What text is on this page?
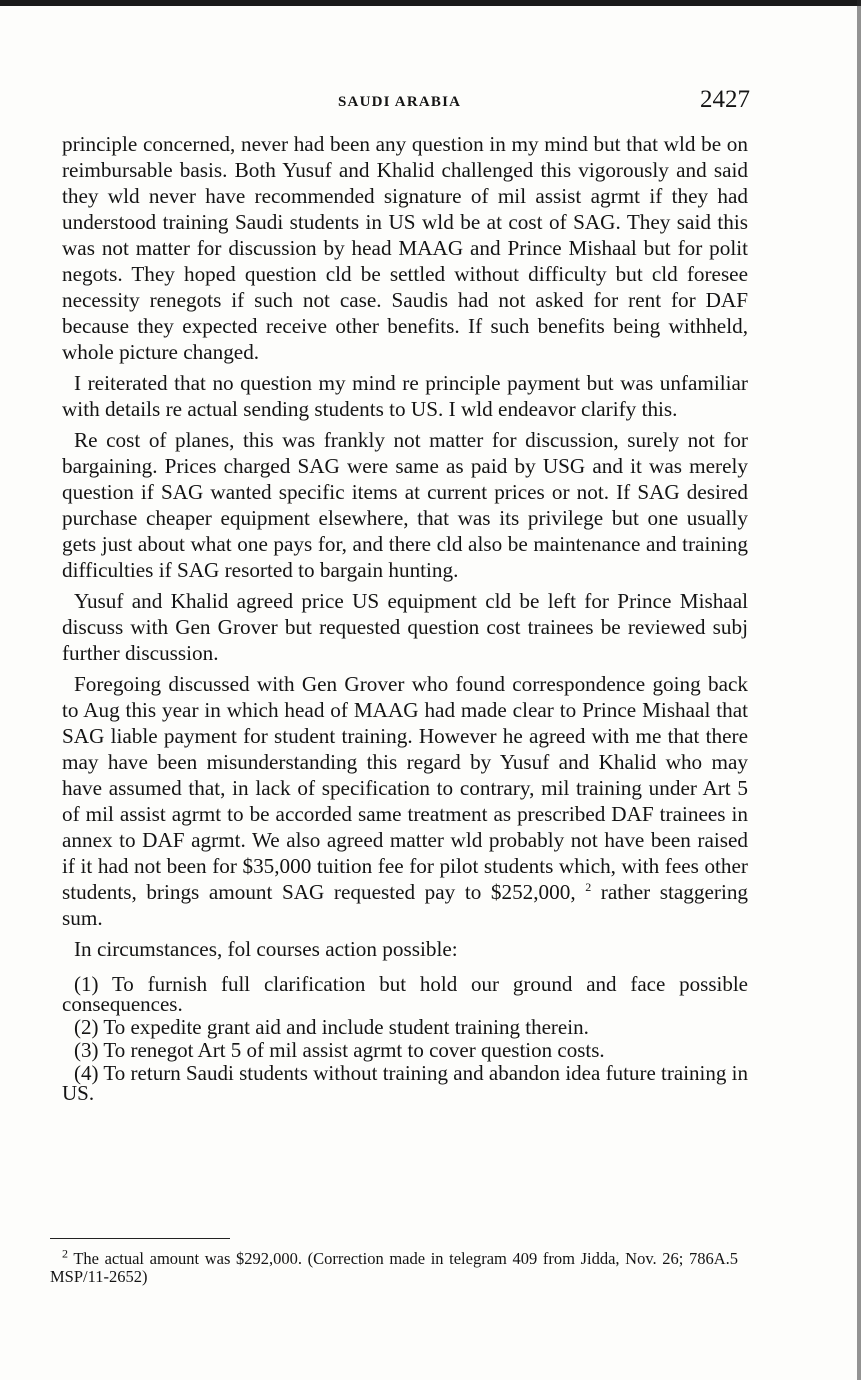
SAUDI ARABIA	2427

principle concerned, never had been any question in my mind but that wld be on reimbursable basis. Both Yusuf and Khalid challenged this vigorously and said they wld never have recommended signature of mil assist agrmt if they had understood training Saudi students in US wld be at cost of SAG. They said this was not matter for discussion by head MAAG and Prince Mishaal but for polit negots. They hoped question cld be settled without difficulty but cld foresee necessity renegots if such not case. Saudis had not asked for rent for DAF because they expected receive other benefits. If such benefits being withheld, whole picture changed.

I reiterated that no question my mind re principle payment but was unfamiliar with details re actual sending students to US. I wld endeavor clarify this.

Re cost of planes, this was frankly not matter for discussion, surely not for bargaining. Prices charged SAG were same as paid by USG and it was merely question if SAG wanted specific items at current prices or not. If SAG desired purchase cheaper equipment elsewhere, that was its privilege but one usually gets just about what one pays for, and there cld also be maintenance and training difficulties if SAG resorted to bargain hunting.

Yusuf and Khalid agreed price US equipment cld be left for Prince Mishaal discuss with Gen Grover but requested question cost trainees be reviewed subj further discussion.

Foregoing discussed with Gen Grover who found correspondence going back to Aug this year in which head of MAAG had made clear to Prince Mishaal that SAG liable payment for student training. However he agreed with me that there may have been misunderstanding this regard by Yusuf and Khalid who may have assumed that, in lack of specification to contrary, mil training under Art 5 of mil assist agrmt to be accorded same treatment as prescribed DAF trainees in annex to DAF agrmt. We also agreed matter wld probably not have been raised if it had not been for $35,000 tuition fee for pilot students which, with fees other students, brings amount SAG requested pay to $252,000, $^2$ rather staggering sum.

In circumstances, fol courses action possible:

(1) To furnish full clarification but hold our ground and face possible consequences.

(2) To expedite grant aid and include student training therein.

(3) To renegot Art 5 of mil assist agrmt to cover question costs.

(4) To return Saudi students without training and abandon idea future training in US.

$^2$ The actual amount was $292,000. (Correction made in telegram 409 from Jidda, Nov. 26; 786A.5 MSP/11-2652)
